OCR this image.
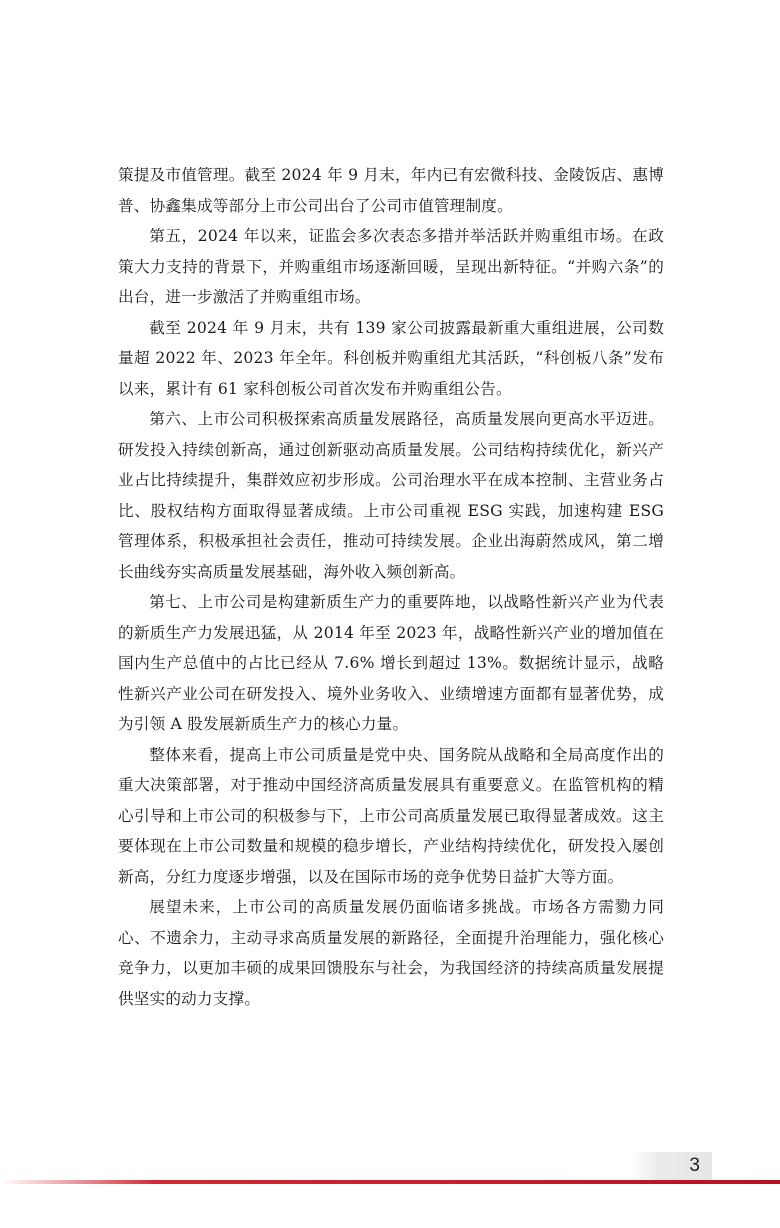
策提及市值管理。截至 2024 年 9 月末，年内已有宏微科技、金陵饭店、惠博普、协鑫集成等部分上市公司出台了公司市值管理制度。

第五，2024 年以来，证监会多次表态多措并举活跃并购重组市场。在政策大力支持的背景下，并购重组市场逐渐回暖，呈现出新特征。“并购六条”的出台，进一步激活了并购重组市场。

截至 2024 年 9 月末，共有 139 家公司披露最新重大重组进展，公司数量超 2022 年、2023 年全年。科创板并购重组尤其活跃，“科创板八条”发布以来，累计有 61 家科创板公司首次发布并购重组公告。

第六、上市公司积极探索高质量发展路径，高质量发展向更高水平迈进。研发投入持续创新高，通过创新驱动高质量发展。公司结构持续优化，新兴产业占比持续提升，集群效应初步形成。公司治理水平在成本控制、主营业务占比、股权结构方面取得显著成绩。上市公司重视 ESG 实践，加速构建 ESG 管理体系，积极承担社会责任，推动可持续发展。企业出海蔚然成风，第二增长曲线夯实高质量发展基础，海外收入频创新高。

第七、上市公司是构建新质生产力的重要阵地，以战略性新兴产业为代表的新质生产力发展迅猛，从 2014 年至 2023 年，战略性新兴产业的增加值在国内生产总值中的占比已经从 7.6% 增长到超过 13%。数据统计显示，战略性新兴产业公司在研发投入、境外业务收入、业绩增速方面都有显著优势，成为引领 A 股发展新质生产力的核心力量。

整体来看，提高上市公司质量是党中央、国务院从战略和全局高度作出的重大决策部署，对于推动中国经济高质量发展具有重要意义。在监管机构的精心引导和上市公司的积极参与下，上市公司高质量发展已取得显著成效。这主要体现在上市公司数量和规模的稳步增长，产业结构持续优化，研发投入屡创新高，分红力度逐步增强，以及在国际市场的竞争优势日益扩大等方面。

展望未来，上市公司的高质量发展仍面临诸多挑战。市场各方需勠力同心、不遗余力，主动寻求高质量发展的新路径，全面提升治理能力，强化核心竞争力，以更加丰硕的成果回馈股东与社会，为我国经济的持续高质量发展提供坚实的动力支撑。

3
